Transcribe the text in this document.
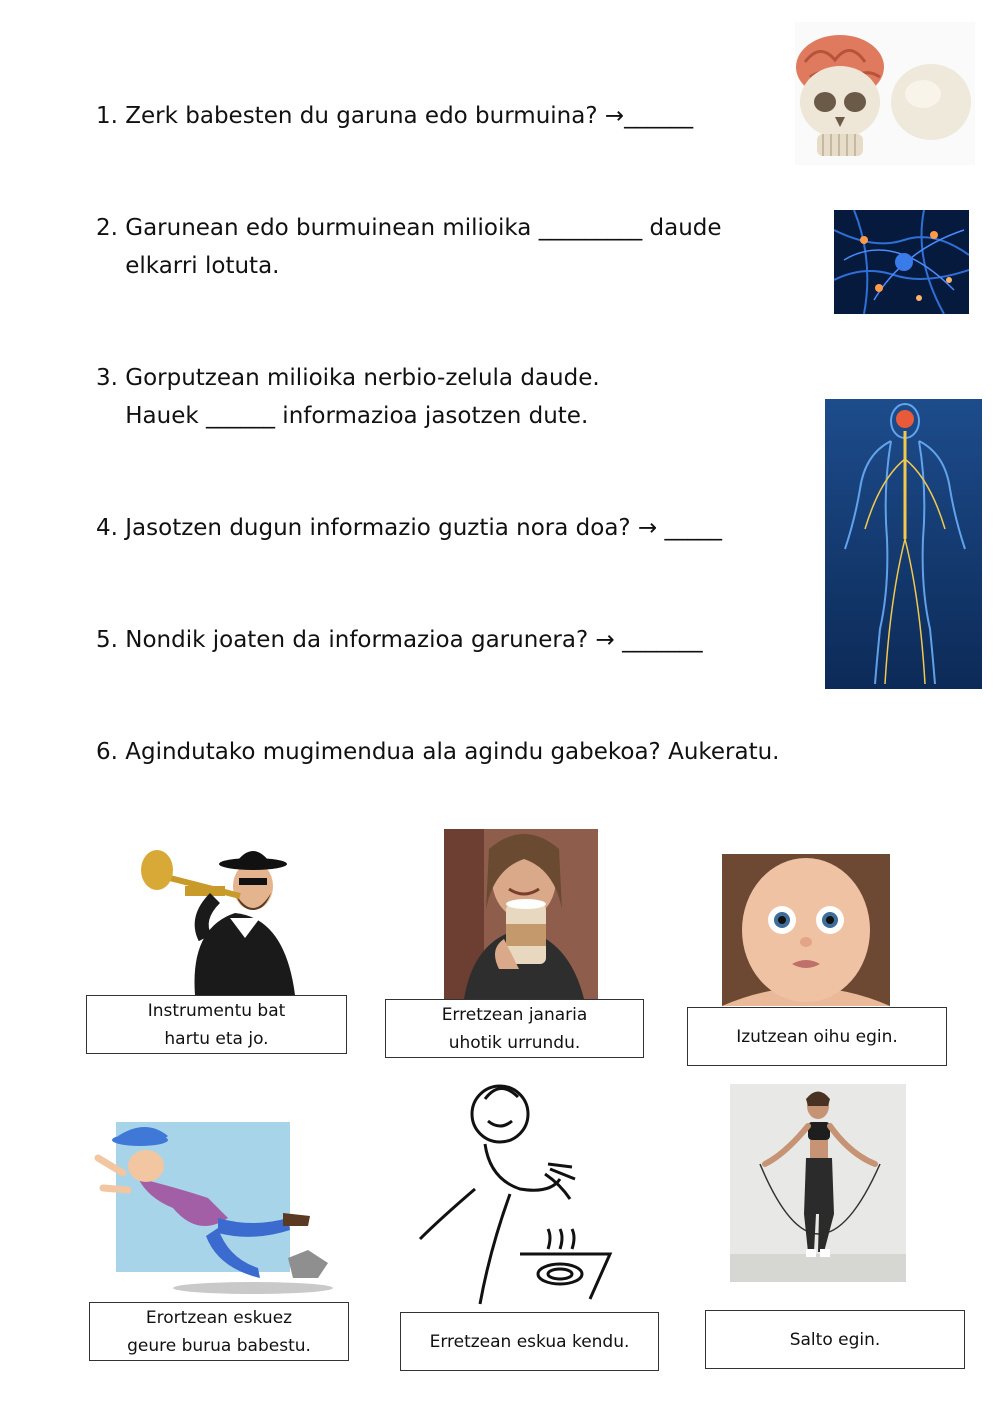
1. Zerk babesten du garuna edo burmuina? →______
2. Garunean edo burmuinean milioika _________ daude
elkarri lotuta.
3. Gorputzean milioika nerbio-zelula daude.
Hauek ______ informazioa jasotzen dute.
4. Jasotzen dugun informazio guztia nora doa? → _____
5. Nondik joaten da informazioa garunera? → _______
6. Agindutako mugimendua ala agindu gabekoa? Aukeratu.
Instrumentu bat
hartu eta jo.
Erretzean janaria
uhotik urrundu.	Izutzean oihu egin.
Erortzean eskuez
geure burua babestu.	Erretzean eskua kendu.	Salto egin.
